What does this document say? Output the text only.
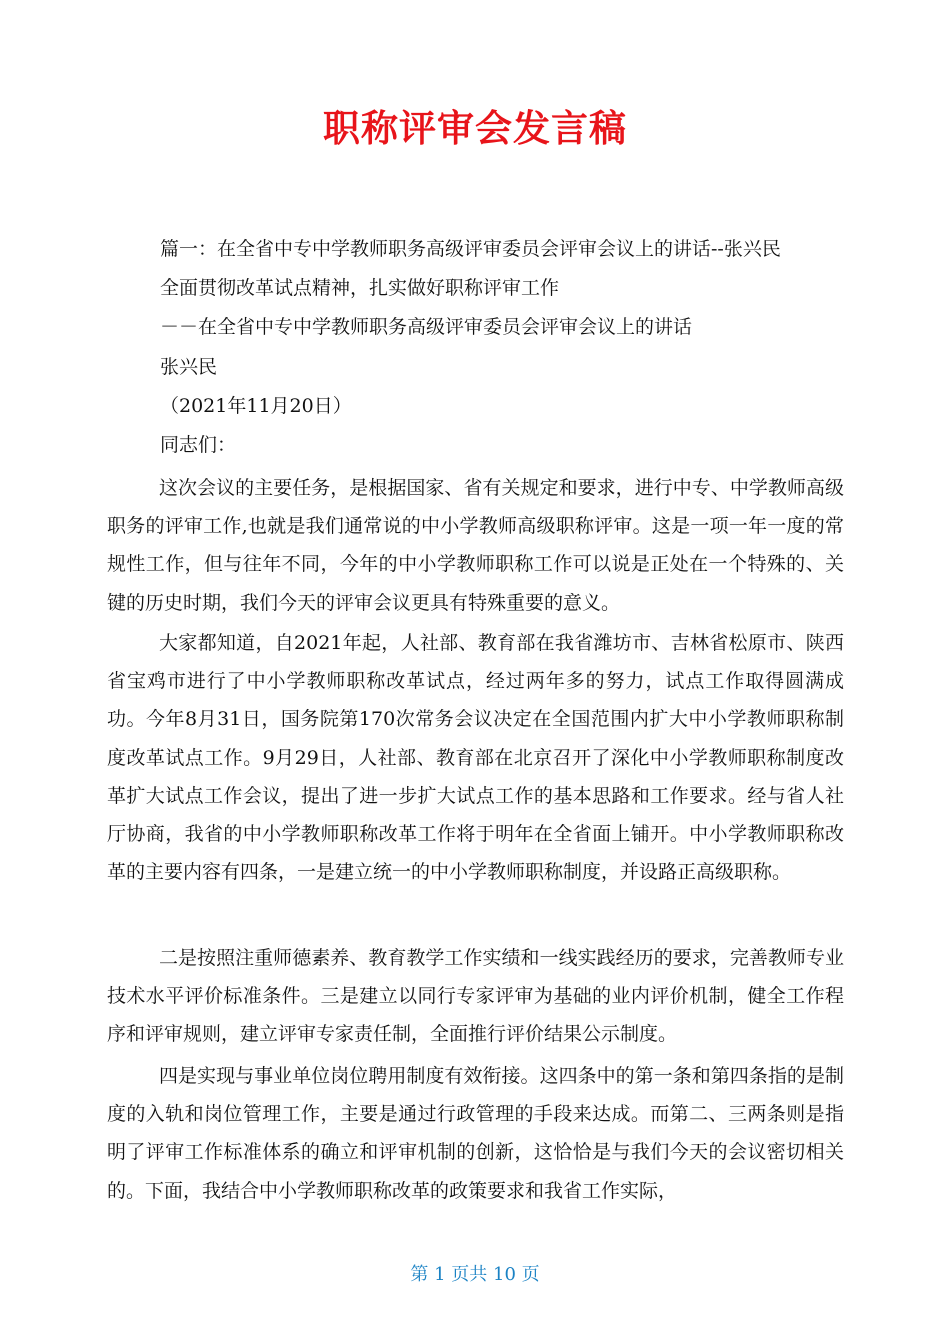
职称评审会发言稿
篇一：在全省中专中学教师职务高级评审委员会评审会议上的讲话--张兴民
全面贯彻改革试点精神，扎实做好职称评审工作
－－在全省中专中学教师职务高级评审委员会评审会议上的讲话
张兴民
（2021年11月20日）
同志们：

这次会议的主要任务，是根据国家、省有关规定和要求，进行中专、中学教师高级职务的评审工作,也就是我们通常说的中小学教师高级职称评审。这是一项一年一度的常规性工作，但与往年不同，今年的中小学教师职称工作可以说是正处在一个特殊的、关键的历史时期，我们今天的评审会议更具有特殊重要的意义。

大家都知道，自2021年起，人社部、教育部在我省潍坊市、吉林省松原市、陕西省宝鸡市进行了中小学教师职称改革试点，经过两年多的努力，试点工作取得圆满成功。今年8月31日，国务院第170次常务会议决定在全国范围内扩大中小学教师职称制度改革试点工作。9月29日，人社部、教育部在北京召开了深化中小学教师职称制度改革扩大试点工作会议，提出了进一步扩大试点工作的基本思路和工作要求。经与省人社厅协商，我省的中小学教师职称改革工作将于明年在全省面上铺开。中小学教师职称改革的主要内容有四条，一是建立统一的中小学教师职称制度，并设路正高级职称。

二是按照注重师德素养、教育教学工作实绩和一线实践经历的要求，完善教师专业技术水平评价标准条件。三是建立以同行专家评审为基础的业内评价机制，健全工作程序和评审规则，建立评审专家责任制，全面推行评价结果公示制度。

四是实现与事业单位岗位聘用制度有效衔接。这四条中的第一条和第四条指的是制度的入轨和岗位管理工作，主要是通过行政管理的手段来达成。而第二、三两条则是指明了评审工作标准体系的确立和评审机制的创新，这恰恰是与我们今天的会议密切相关的。下面，我结合中小学教师职称改革的政策要求和我省工作实际，

第 1 页共 10 页
